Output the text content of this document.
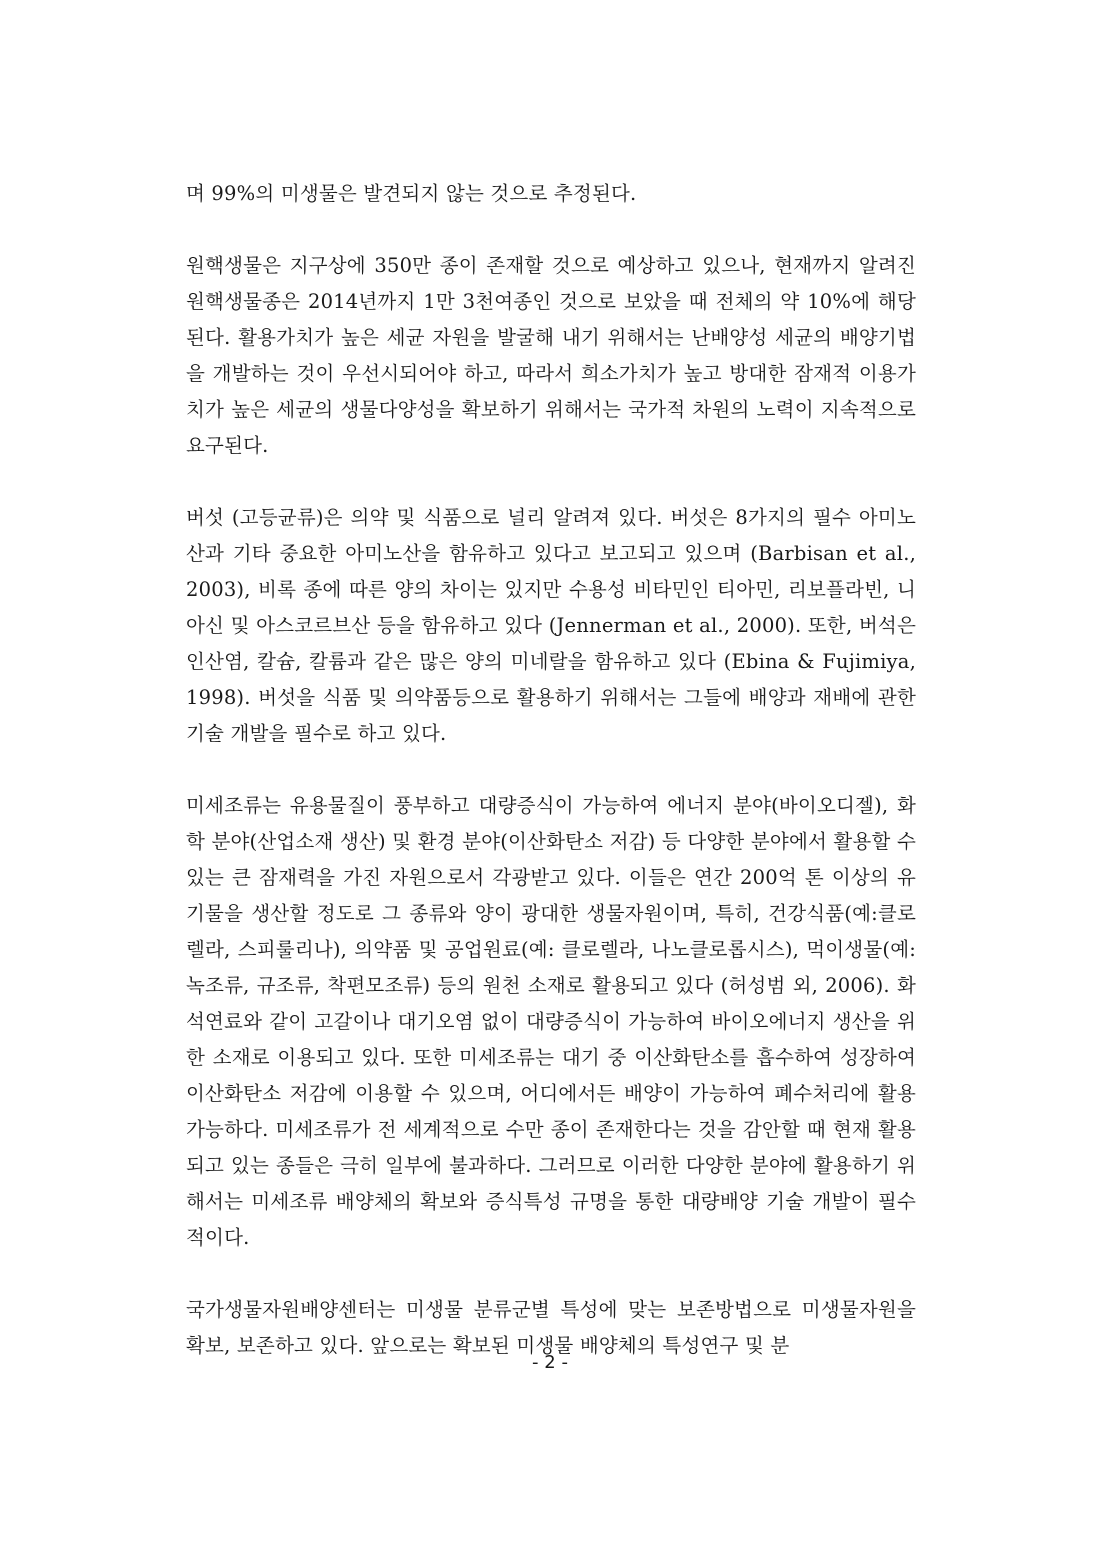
며 99%의 미생물은 발견되지 않는 것으로 추정된다.

원핵생물은 지구상에 350만 종이 존재할 것으로 예상하고 있으나, 현재까지 알려진 원핵생물종은 2014년까지 1만 3천여종인 것으로 보았을 때 전체의 약 10%에 해당된다. 활용가치가 높은 세균 자원을 발굴해 내기 위해서는 난배양성 세균의 배양기법을 개발하는 것이 우선시되어야 하고, 따라서 희소가치가 높고 방대한 잠재적 이용가치가 높은 세균의 생물다양성을 확보하기 위해서는 국가적 차원의 노력이 지속적으로 요구된다.

버섯 (고등균류)은 의약 및 식품으로 널리 알려져 있다. 버섯은 8가지의 필수 아미노산과 기타 중요한 아미노산을 함유하고 있다고 보고되고 있으며 (Barbisan et al., 2003), 비록 종에 따른 양의 차이는 있지만 수용성 비타민인 티아민, 리보플라빈, 니아신 및 아스코르브산 등을 함유하고 있다 (Jennerman et al., 2000). 또한, 버석은 인산염, 칼슘, 칼륨과 같은 많은 양의 미네랄을 함유하고 있다 (Ebina & Fujimiya, 1998). 버섯을 식품 및 의약품등으로 활용하기 위해서는 그들에 배양과 재배에 관한 기술 개발을 필수로 하고 있다.

미세조류는 유용물질이 풍부하고 대량증식이 가능하여 에너지 분야(바이오디젤), 화학 분야(산업소재 생산) 및 환경 분야(이산화탄소 저감) 등 다양한 분야에서 활용할 수 있는 큰 잠재력을 가진 자원으로서 각광받고 있다. 이들은 연간 200억 톤 이상의 유기물을 생산할 정도로 그 종류와 양이 광대한 생물자원이며, 특히, 건강식품(예:클로렐라, 스피룰리나), 의약품 및 공업원료(예: 클로렐라, 나노클로롭시스), 먹이생물(예: 녹조류, 규조류, 착편모조류) 등의 원천 소재로 활용되고 있다 (허성범 외, 2006). 화석연료와 같이 고갈이나 대기오염 없이 대량증식이 가능하여 바이오에너지 생산을 위한 소재로 이용되고 있다. 또한 미세조류는 대기 중 이산화탄소를 흡수하여 성장하여 이산화탄소 저감에 이용할 수 있으며, 어디에서든 배양이 가능하여 폐수처리에 활용가능하다. 미세조류가 전 세계적으로 수만 종이 존재한다는 것을 감안할 때 현재 활용되고 있는 종들은 극히 일부에 불과하다. 그러므로 이러한 다양한 분야에 활용하기 위해서는 미세조류 배양체의 확보와 증식특성 규명을 통한 대량배양 기술 개발이 필수적이다.

국가생물자원배양센터는 미생물 분류군별 특성에 맞는 보존방법으로 미생물자원을 확보, 보존하고 있다. 앞으로는 확보된 미생물 배양체의 특성연구 및 분

- 2 -
